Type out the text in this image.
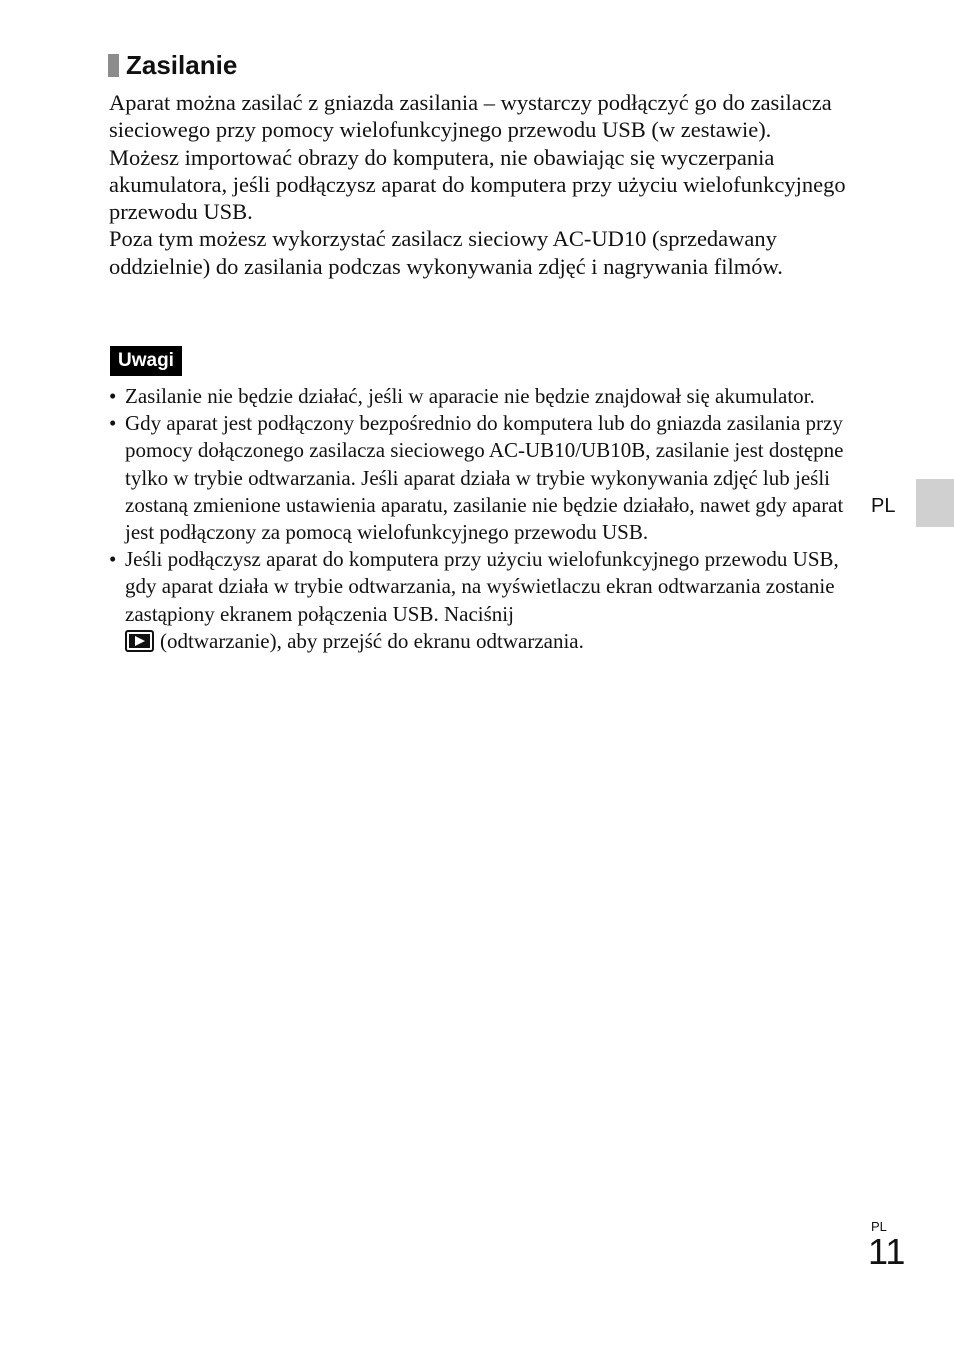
Zasilanie

Aparat można zasilać z gniazda zasilania – wystarczy podłączyć go do zasilacza sieciowego przy pomocy wielofunkcyjnego przewodu USB (w zestawie).

Możesz importować obrazy do komputera, nie obawiając się wyczerpania akumulatora, jeśli podłączysz aparat do komputera przy użyciu wielofunkcyjnego przewodu USB.

Poza tym możesz wykorzystać zasilacz sieciowy AC-UD10 (sprzedawany oddzielnie) do zasilania podczas wykonywania zdjęć i nagrywania filmów.

Uwagi
• Zasilanie nie będzie działać, jeśli w aparacie nie będzie znajdował się akumulator.
• Gdy aparat jest podłączony bezpośrednio do komputera lub do gniazda zasilania przy pomocy dołączonego zasilacza sieciowego AC-UB10/UB10B, zasilanie jest dostępne tylko w trybie odtwarzania. Jeśli aparat działa w trybie wykonywania zdjęć lub jeśli zostaną zmienione ustawienia aparatu, zasilanie nie będzie działało, nawet gdy aparat jest podłączony za pomocą wielofunkcyjnego przewodu USB.
• Jeśli podłączysz aparat do komputera przy użyciu wielofunkcyjnego przewodu USB, gdy aparat działa w trybie odtwarzania, na wyświetlaczu ekran odtwarzania zostanie zastąpiony ekranem połączenia USB. Naciśnij
(odtwarzanie), aby przejść do ekranu odtwarzania.
PL
PL
11
